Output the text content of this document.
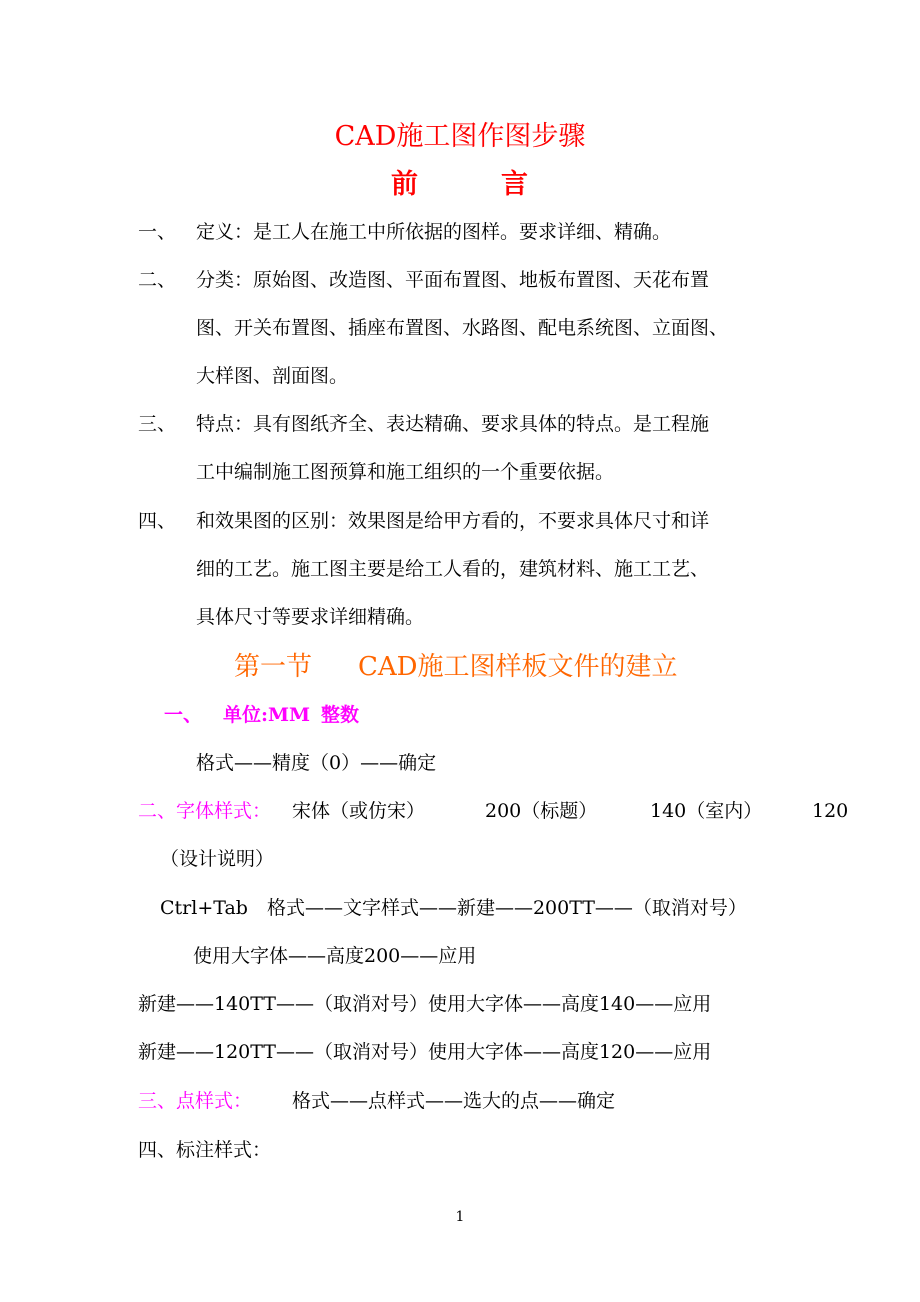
CAD施工图作图步骤
前	言
一、 定义：是工人在施工中所依据的图样。要求详细、精确。
二、 分类：原始图、改造图、平面布置图、地板布置图、天花布置
图、开关布置图、插座布置图、水路图、配电系统图、立面图、
大样图、剖面图。
三、 特点：具有图纸齐全、表达精确、要求具体的特点。是工程施
工中编制施工图预算和施工组织的一个重要依据。
四、 和效果图的区别：效果图是给甲方看的，不要求具体尺寸和详
细的工艺。施工图主要是给工人看的，建筑材料、施工工艺、
具体尺寸等要求详细精确。
第一节 CAD施工图样板文件的建立
一、 单位:MM 整数
格式——精度（0）——确定
二、字体样式： 宋体（或仿宋）	200（标题）	140（室内）	120
（设计说明）
Ctrl+Tab　格式——文字样式——新建——200TT——（取消对号）
使用大字体——高度200——应用
新建——140TT——（取消对号）使用大字体——高度140——应用
新建——120TT——（取消对号）使用大字体——高度120——应用
三、点样式： 格式——点样式——选大的点——确定
四、标注样式：
1
